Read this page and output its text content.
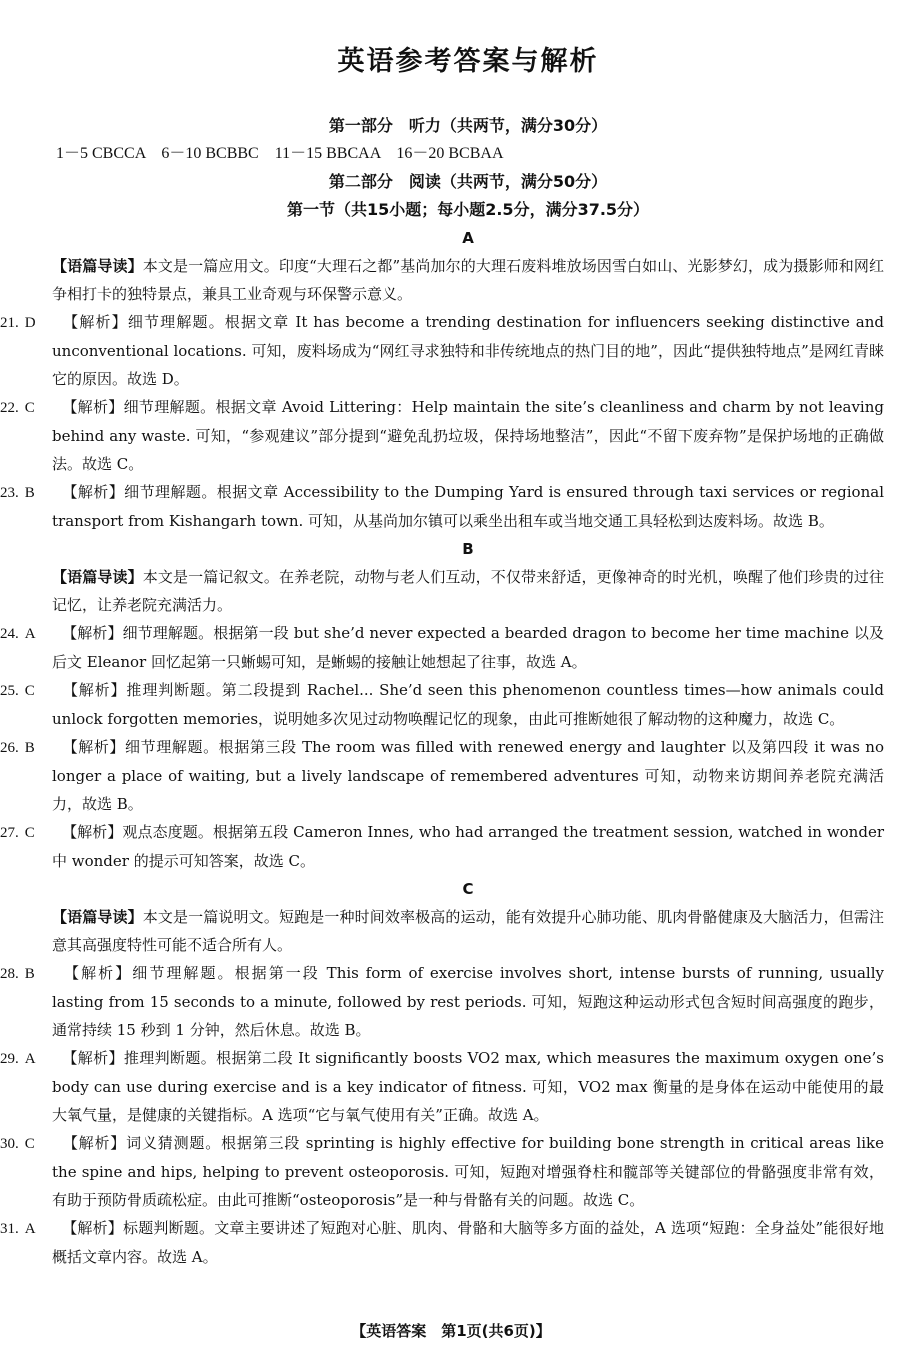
英语参考答案与解析
第一部分　听力（共两节，满分30分）
1－5 CBCCA　6－10 BCBBC　11－15 BBCAA　16－20 BCBAA
第二部分　阅读（共两节，满分50分）
第一节（共15小题；每小题2.5分，满分37.5分）
A
【语篇导读】本文是一篇应用文。印度“大理石之都”基尚加尔的大理石废料堆放场因雪白如山、光影梦幻，成为摄影师和网红争相打卡的独特景点，兼具工业奇观与环保警示意义。
21. D 【解析】细节理解题。根据文章 It has become a trending destination for influencers seeking distinctive and unconventional locations. 可知，废料场成为“网红寻求独特和非传统地点的热门目的地”，因此“提供独特地点”是网红青睐它的原因。故选 D。
22. C 【解析】细节理解题。根据文章 Avoid Littering：Help maintain the site’s cleanliness and charm by not leaving behind any waste. 可知，“参观建议”部分提到“避免乱扔垃圾，保持场地整洁”，因此“不留下废弃物”是保护场地的正确做法。故选 C。
23. B 【解析】细节理解题。根据文章 Accessibility to the Dumping Yard is ensured through taxi services or regional transport from Kishangarh town. 可知，从基尚加尔镇可以乘坐出租车或当地交通工具轻松到达废料场。故选 B。
B
【语篇导读】本文是一篇记叙文。在养老院，动物与老人们互动，不仅带来舒适，更像神奇的时光机，唤醒了他们珍贵的过往记忆，让养老院充满活力。
24. A 【解析】细节理解题。根据第一段 but she’d never expected a bearded dragon to become her time machine 以及后文 Eleanor 回忆起第一只蜥蜴可知，是蜥蜴的接触让她想起了往事，故选 A。
25. C 【解析】推理判断题。第二段提到 Rachel... She’d seen this phenomenon countless times—how animals could unlock forgotten memories，说明她多次见过动物唤醒记忆的现象，由此可推断她很了解动物的这种魔力，故选 C。
26. B 【解析】细节理解题。根据第三段 The room was filled with renewed energy and laughter 以及第四段 it was no longer a place of waiting, but a lively landscape of remembered adventures 可知，动物来访期间养老院充满活力，故选 B。
27. C 【解析】观点态度题。根据第五段 Cameron Innes, who had arranged the treatment session, watched in wonder 中 wonder 的提示可知答案，故选 C。
C
【语篇导读】本文是一篇说明文。短跑是一种时间效率极高的运动，能有效提升心肺功能、肌肉骨骼健康及大脑活力，但需注意其高强度特性可能不适合所有人。
28. B 【解析】细节理解题。根据第一段 This form of exercise involves short, intense bursts of running, usually lasting from 15 seconds to a minute, followed by rest periods. 可知，短跑这种运动形式包含短时间高强度的跑步，通常持续 15 秒到 1 分钟，然后休息。故选 B。
29. A 【解析】推理判断题。根据第二段 It significantly boosts VO2 max, which measures the maximum oxygen one’s body can use during exercise and is a key indicator of fitness. 可知，VO2 max 衡量的是身体在运动中能使用的最大氧气量，是健康的关键指标。A 选项“它与氧气使用有关”正确。故选 A。
30. C 【解析】词义猜测题。根据第三段 sprinting is highly effective for building bone strength in critical areas like the spine and hips, helping to prevent osteoporosis. 可知，短跑对增强脊柱和髋部等关键部位的骨骼强度非常有效，有助于预防骨质疏松症。由此可推断“osteoporosis”是一种与骨骼有关的问题。故选 C。
31. A 【解析】标题判断题。文章主要讲述了短跑对心脏、肌肉、骨骼和大脑等多方面的益处，A 选项“短跑：全身益处”能很好地概括文章内容。故选 A。
【英语答案　第1页(共6页)】
